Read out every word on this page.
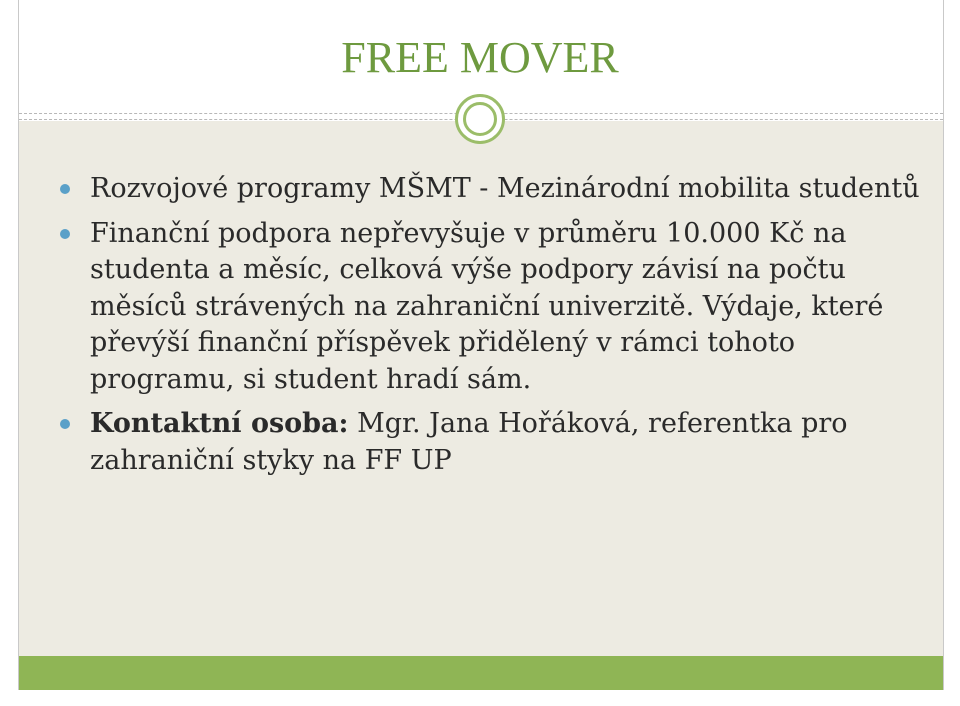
FREE MOVER
Rozvojové programy MŠMT - Mezinárodní mobilita studentů
Finanční podpora nepřevyšuje v průměru 10.000 Kč na studenta a měsíc, celková výše podpory závisí na počtu měsíců strávených na zahraniční univerzitě. Výdaje, které převýší finanční příspěvek přidělený v rámci tohoto programu, si student hradí sám.
Kontaktní osoba: Mgr. Jana Hořáková, referentka pro zahraniční styky na FF UP
